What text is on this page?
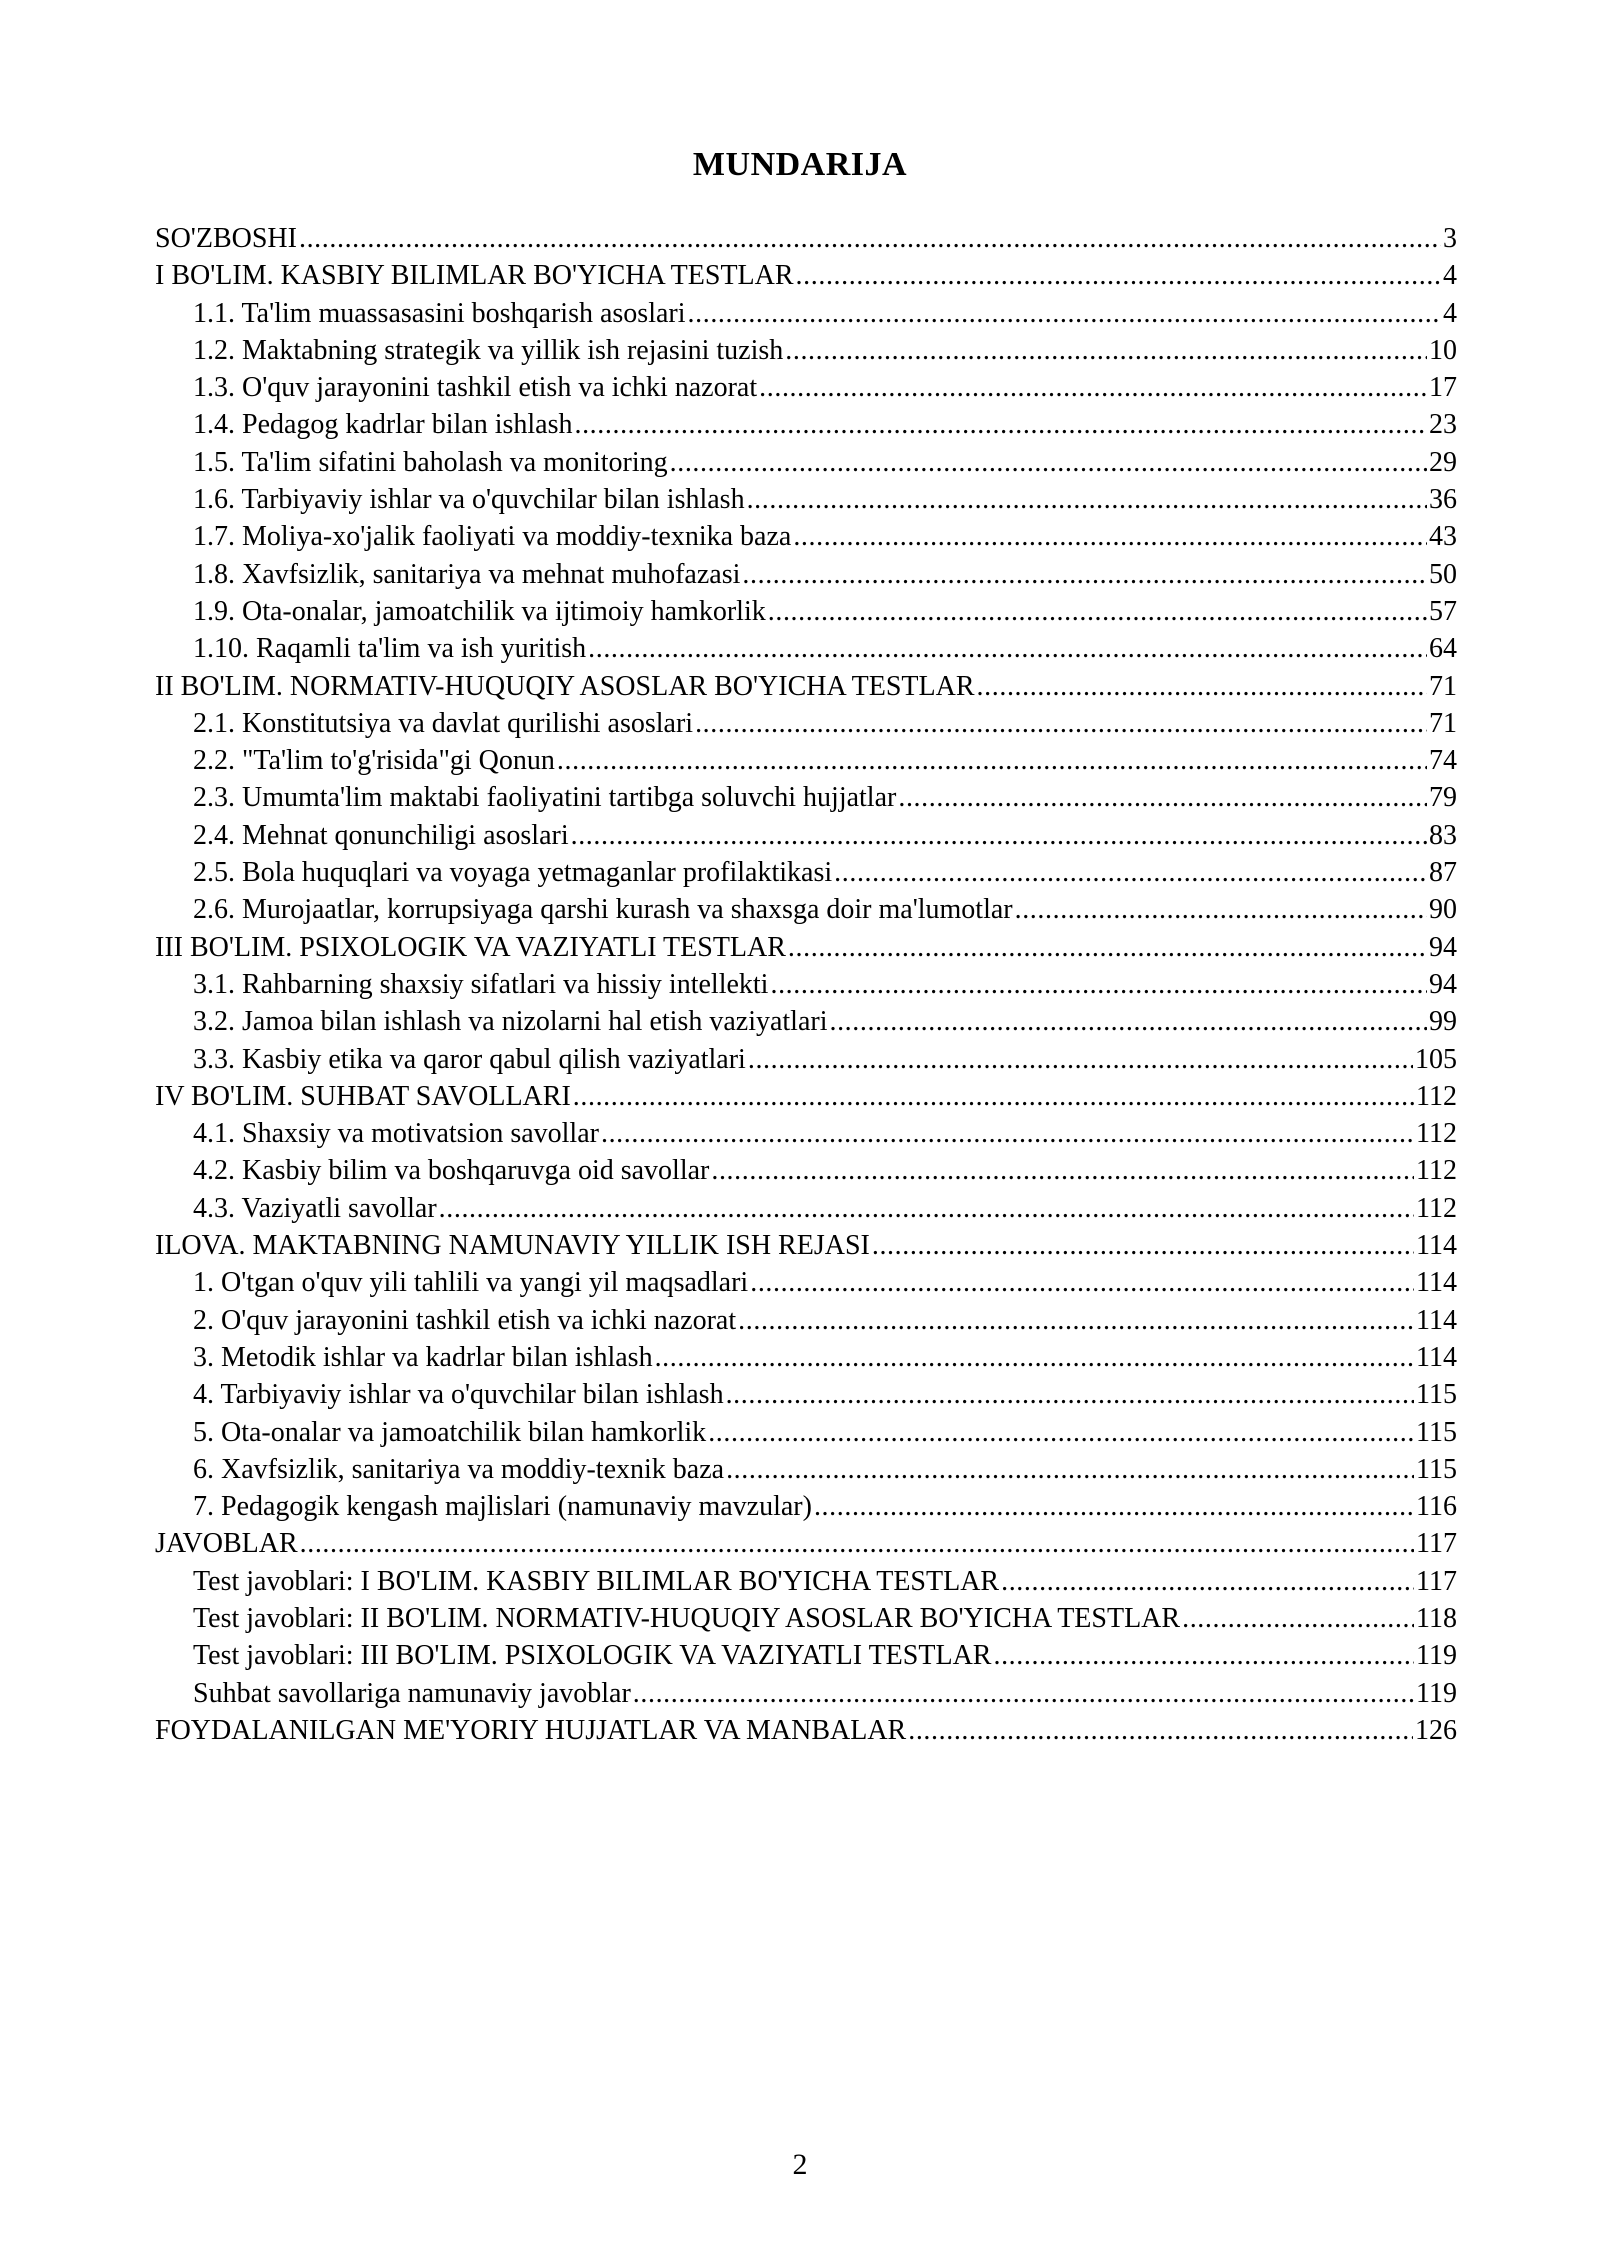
MUNDARIJA
SO'ZBOSHI .....	3
I BO'LIM. KASBIY BILIMLAR BO'YICHA TESTLAR .....	4
1.1. Ta'lim muassasasini boshqarish asoslari .....	4
1.2. Maktabning strategik va yillik ish rejasini tuzish .....	10
1.3. O'quv jarayonini tashkil etish va ichki nazorat .....	17
1.4. Pedagog kadrlar bilan ishlash .....	23
1.5. Ta'lim sifatini baholash va monitoring .....	29
1.6. Tarbiyaviy ishlar va o'quvchilar bilan ishlash .....	36
1.7. Moliya-xo'jalik faoliyati va moddiy-texnika baza .....	43
1.8. Xavfsizlik, sanitariya va mehnat muhofazasi .....	50
1.9. Ota-onalar, jamoatchilik va ijtimoiy hamkorlik .....	57
1.10. Raqamli ta'lim va ish yuritish .....	64
II BO'LIM. NORMATIV-HUQUQIY ASOSLAR BO'YICHA TESTLAR .....	71
2.1. Konstitutsiya va davlat qurilishi asoslari .....	71
2.2. "Ta'lim to'g'risida"gi Qonun .....	74
2.3. Umumta'lim maktabi faoliyatini tartibga soluvchi hujjatlar .....	79
2.4. Mehnat qonunchiligi asoslari .....	83
2.5. Bola huquqlari va voyaga yetmaganlar profilaktikasi .....	87
2.6. Murojaatlar, korrupsiyaga qarshi kurash va shaxsga doir ma'lumotlar .....	90
III BO'LIM. PSIXOLOGIK VA VAZIYATLI TESTLAR .....	94
3.1. Rahbarning shaxsiy sifatlari va hissiy intellekti .....	94
3.2. Jamoa bilan ishlash va nizolarni hal etish vaziyatlari .....	99
3.3. Kasbiy etika va qaror qabul qilish vaziyatlari .....	105
IV BO'LIM. SUHBAT SAVOLLARI .....	112
4.1. Shaxsiy va motivatsion savollar .....	112
4.2. Kasbiy bilim va boshqaruvga oid savollar .....	112
4.3. Vaziyatli savollar .....	112
ILOVA. MAKTABNING NAMUNAVIY YILLIK ISH REJASI .....	114
1. O'tgan o'quv yili tahlili va yangi yil maqsadlari .....	114
2. O'quv jarayonini tashkil etish va ichki nazorat .....	114
3. Metodik ishlar va kadrlar bilan ishlash .....	114
4. Tarbiyaviy ishlar va o'quvchilar bilan ishlash .....	115
5. Ota-onalar va jamoatchilik bilan hamkorlik .....	115
6. Xavfsizlik, sanitariya va moddiy-texnik baza .....	115
7. Pedagogik kengash majlislari (namunaviy mavzular) .....	116
JAVOBLAR .....	117
Test javoblari: I BO'LIM. KASBIY BILIMLAR BO'YICHA TESTLAR .....	117
Test javoblari: II BO'LIM. NORMATIV-HUQUQIY ASOSLAR BO'YICHA TESTLAR .....	118
Test javoblari: III BO'LIM. PSIXOLOGIK VA VAZIYATLI TESTLAR .....	119
Suhbat savollariga namunaviy javoblar .....	119
FOYDALANILGAN ME'YORIY HUJJATLAR VA MANBALAR .....	126
2
